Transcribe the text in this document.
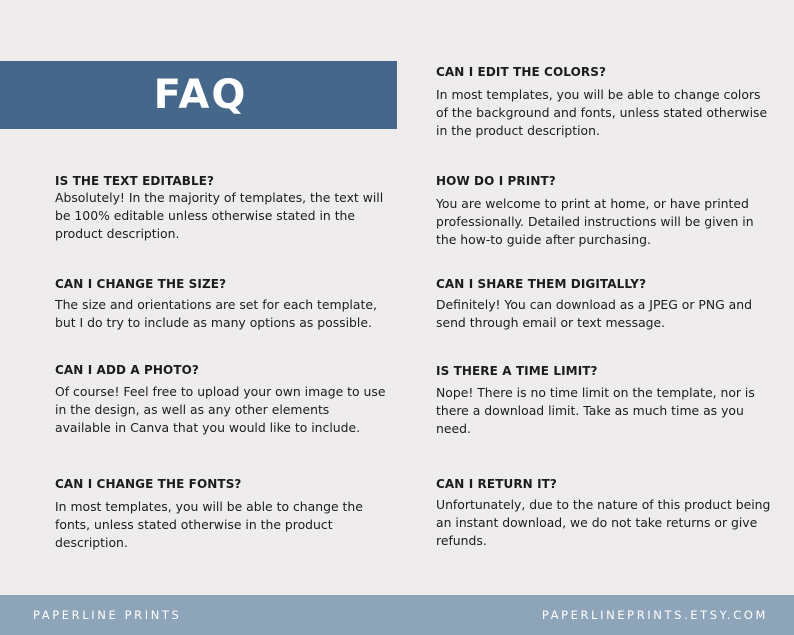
FAQ

IS THE TEXT EDITABLE?

Absolutely! In the majority of templates, the text will be 100% editable unless otherwise stated in the product description.

CAN I CHANGE THE SIZE?

The size and orientations are set for each template, but I do try to include as many options as possible.

CAN I ADD A PHOTO?

Of course! Feel free to upload your own image to use in the design, as well as any other elements available in Canva that you would like to include.

CAN I CHANGE THE FONTS?

In most templates, you will be able to change the fonts, unless stated otherwise in the product description.

CAN I EDIT THE COLORS?

In most templates, you will be able to change colors of the background and fonts, unless stated otherwise in the product description.

HOW DO I PRINT?

You are welcome to print at home, or have printed professionally. Detailed instructions will be given in the how-to guide after purchasing.

CAN I SHARE THEM DIGITALLY?

Definitely! You can download as a JPEG or PNG and send through email or text message.

IS THERE A TIME LIMIT?

Nope! There is no time limit on the template, nor is there a download limit. Take as much time as you need.

CAN I RETURN IT?

Unfortunately, due to the nature of this product being an instant download, we do not take returns or give refunds.

PAPERLINE PRINTS	PAPERLINEPRINTS.ETSY.COM
